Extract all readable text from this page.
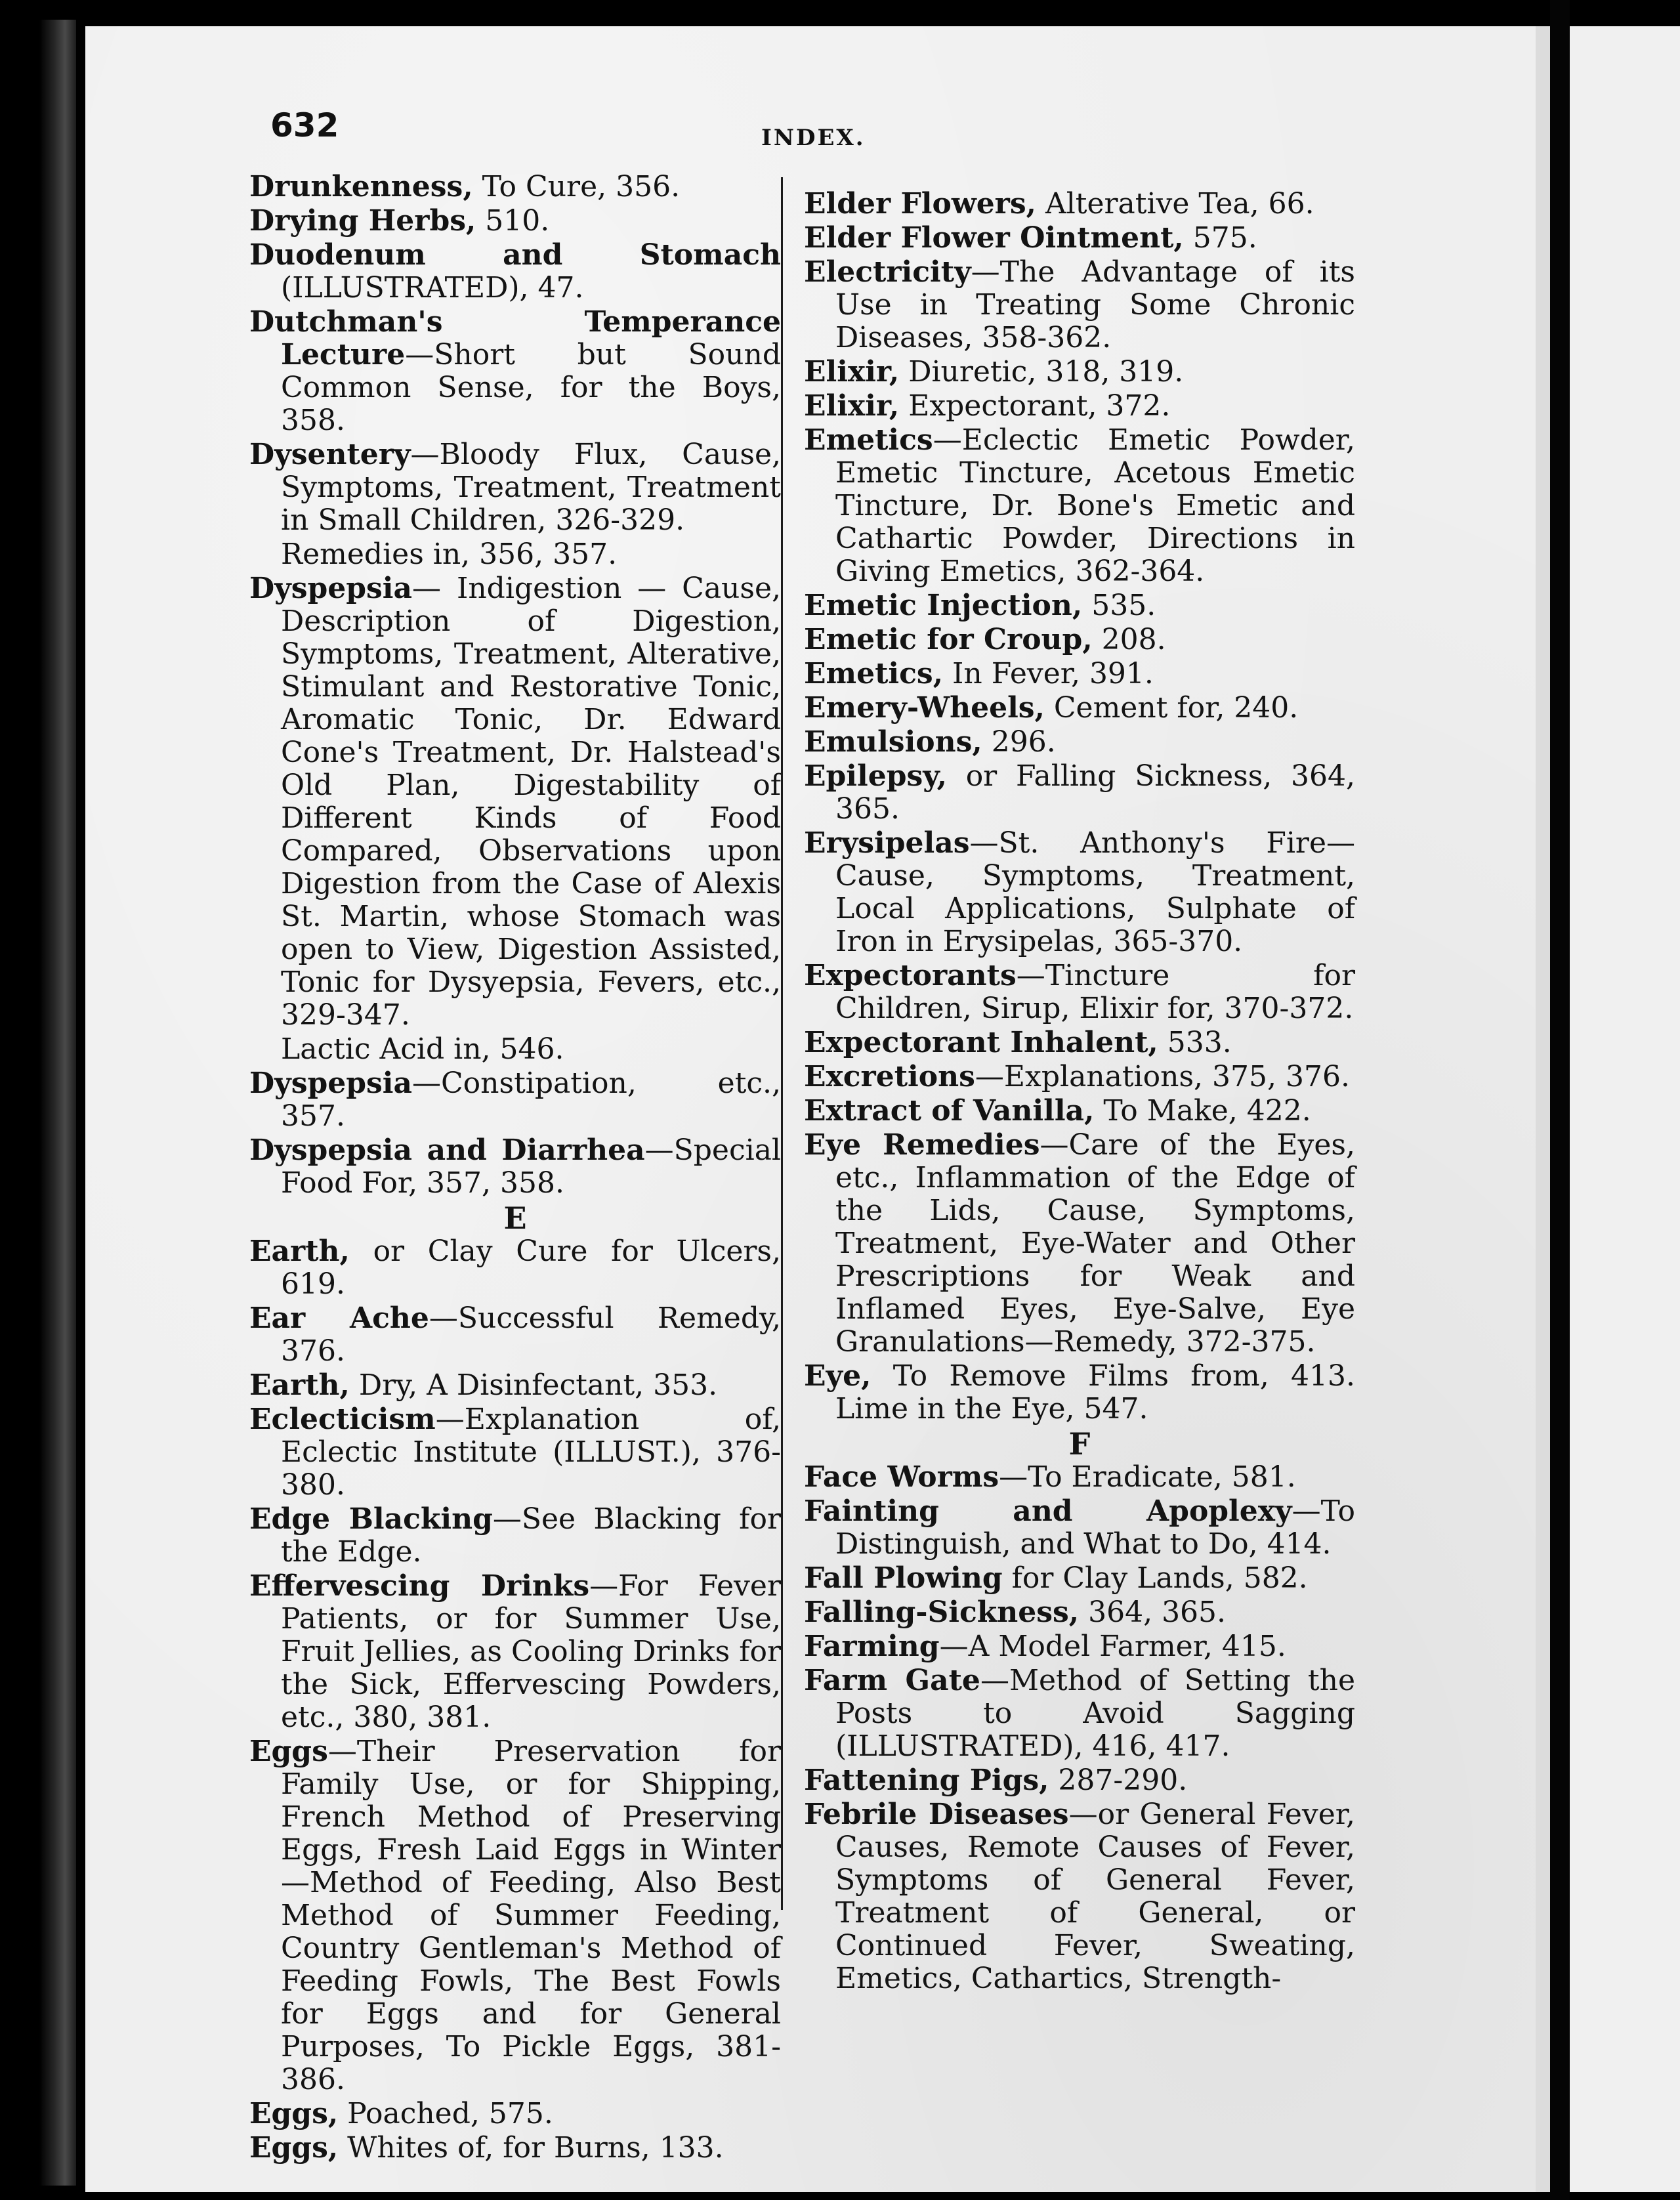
632	INDEX.

Drunkenness, To Cure, 356.

Drying Herbs, 510.

Duodenum and Stomach (ILLUSTRATED), 47.

Dutchman's Temperance Lecture—Short but Sound Common Sense, for the Boys, 358.

Dysentery—Bloody Flux, Cause, Symptoms, Treatment, Treatment in Small Children, 326-329.

Remedies in, 356, 357.

Dyspepsia— Indigestion — Cause, Description of Digestion, Symptoms, Treatment, Alterative, Stimulant and Restorative Tonic, Aromatic Tonic, Dr. Edward Cone's Treatment, Dr. Halstead's Old Plan, Digestability of Different Kinds of Food Compared, Observations upon Digestion from the Case of Alexis St. Martin, whose Stomach was open to View, Digestion Assisted, Tonic for Dysyepsia, Fevers, etc., 329-347.

Lactic Acid in, 546.

Dyspepsia—Constipation, etc., 357.

Dyspepsia and Diarrhea—Special Food For, 357, 358.

E

Earth, or Clay Cure for Ulcers, 619.

Ear Ache—Successful Remedy, 376.

Earth, Dry, A Disinfectant, 353.

Eclecticism—Explanation of, Eclectic Institute (ILLUST.), 376-380.

Edge Blacking—See Blacking for the Edge.

Effervescing Drinks—For Fever Patients, or for Summer Use, Fruit Jellies, as Cooling Drinks for the Sick, Effervescing Powders, etc., 380, 381.

Eggs—Their Preservation for Family Use, or for Shipping, French Method of Preserving Eggs, Fresh Laid Eggs in Winter—Method of Feeding, Also Best Method of Summer Feeding, Country Gentleman's Method of Feeding Fowls, The Best Fowls for Eggs and for General Purposes, To Pickle Eggs, 381-386.

Eggs, Poached, 575.

Eggs, Whites of, for Burns, 133.

Elder Flowers, Alterative Tea, 66.

Elder Flower Ointment, 575.

Electricity—The Advantage of its Use in Treating Some Chronic Diseases, 358-362.

Elixir, Diuretic, 318, 319.

Elixir, Expectorant, 372.

Emetics—Eclectic Emetic Powder, Emetic Tincture, Acetous Emetic Tincture, Dr. Bone's Emetic and Cathartic Powder, Directions in Giving Emetics, 362-364.

Emetic Injection, 535.

Emetic for Croup, 208.

Emetics, In Fever, 391.

Emery-Wheels, Cement for, 240.

Emulsions, 296.

Epilepsy, or Falling Sickness, 364, 365.

Erysipelas—St. Anthony's Fire—Cause, Symptoms, Treatment, Local Applications, Sulphate of Iron in Erysipelas, 365-370.

Expectorants—Tincture for Children, Sirup, Elixir for, 370-372.

Expectorant Inhalent, 533.

Excretions—Explanations, 375, 376.

Extract of Vanilla, To Make, 422.

Eye Remedies—Care of the Eyes, etc., Inflammation of the Edge of the Lids, Cause, Symptoms, Treatment, Eye-Water and Other Prescriptions for Weak and Inflamed Eyes, Eye-Salve, Eye Granulations—Remedy, 372-375.

Eye, To Remove Films from, 413. Lime in the Eye, 547.

F

Face Worms—To Eradicate, 581.

Fainting and Apoplexy—To Distinguish, and What to Do, 414.

Fall Plowing for Clay Lands, 582.

Falling-Sickness, 364, 365.

Farming—A Model Farmer, 415.

Farm Gate—Method of Setting the Posts to Avoid Sagging (ILLUSTRATED), 416, 417.

Fattening Pigs, 287-290.

Febrile Diseases—or General Fever, Causes, Remote Causes of Fever, Symptoms of General Fever, Treatment of General, or Continued Fever, Sweating, Emetics, Cathartics, Strength-
